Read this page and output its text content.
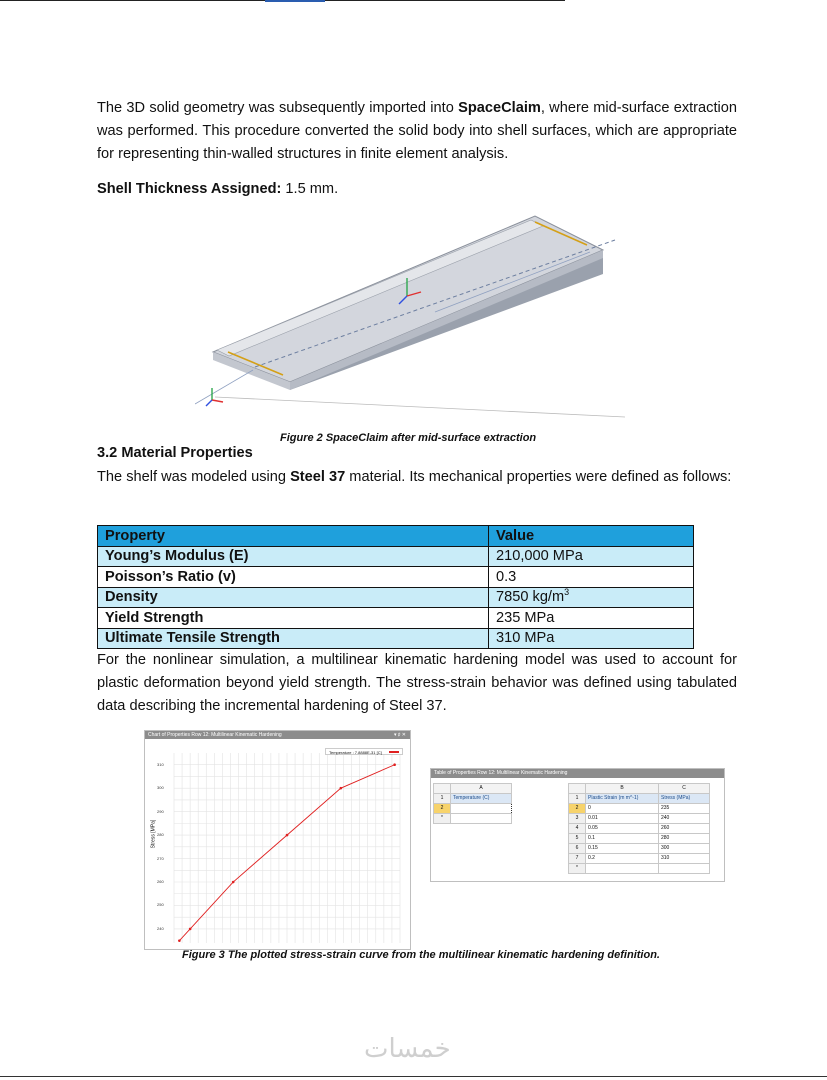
The 3D solid geometry was subsequently imported into SpaceClaim, where mid-surface extraction was performed. This procedure converted the solid body into shell surfaces, which are appropriate for representing thin-walled structures in finite element analysis.

Shell Thickness Assigned: 1.5 mm.

Figure 2 SpaceClaim after mid-surface extraction
3.2 Material Properties

The shelf was modeled using Steel 37 material. Its mechanical properties were defined as follows:

Property	Value
Young’s Modulus (E)	210,000 MPa
Poisson’s Ratio (v)	0.3
Density	7850 $kg/m^3$
Yield Strength	235 MPa
Ultimate Tensile Strength	310 MPa

For the nonlinear simulation, a multilinear kinematic hardening model was used to account for plastic deformation beyond yield strength. The stress-strain behavior was defined using tabulated data describing the incremental hardening of Steel 37.

Chart of Properties Row 12: Multilinear Kinematic Hardening	▾ ♯ ✕
Stress [MPa]
310
300
290
280
270
260
250
240
Temperature : 7.8888E-31 [C]
Table of Properties Row 12: Multilinear Kinematic Hardening
	A
1	Temperature (C)
2	
*	
	B	C
1	Plastic Strain (m m^-1)	Stress (MPa)
2	0	235
3	0.01	240
4	0.05	260
5	0.1	280
6	0.15	300
7	0.2	310
*		
Figure 3 The plotted stress-strain curve from the multilinear kinematic hardening definition.
خمسات
